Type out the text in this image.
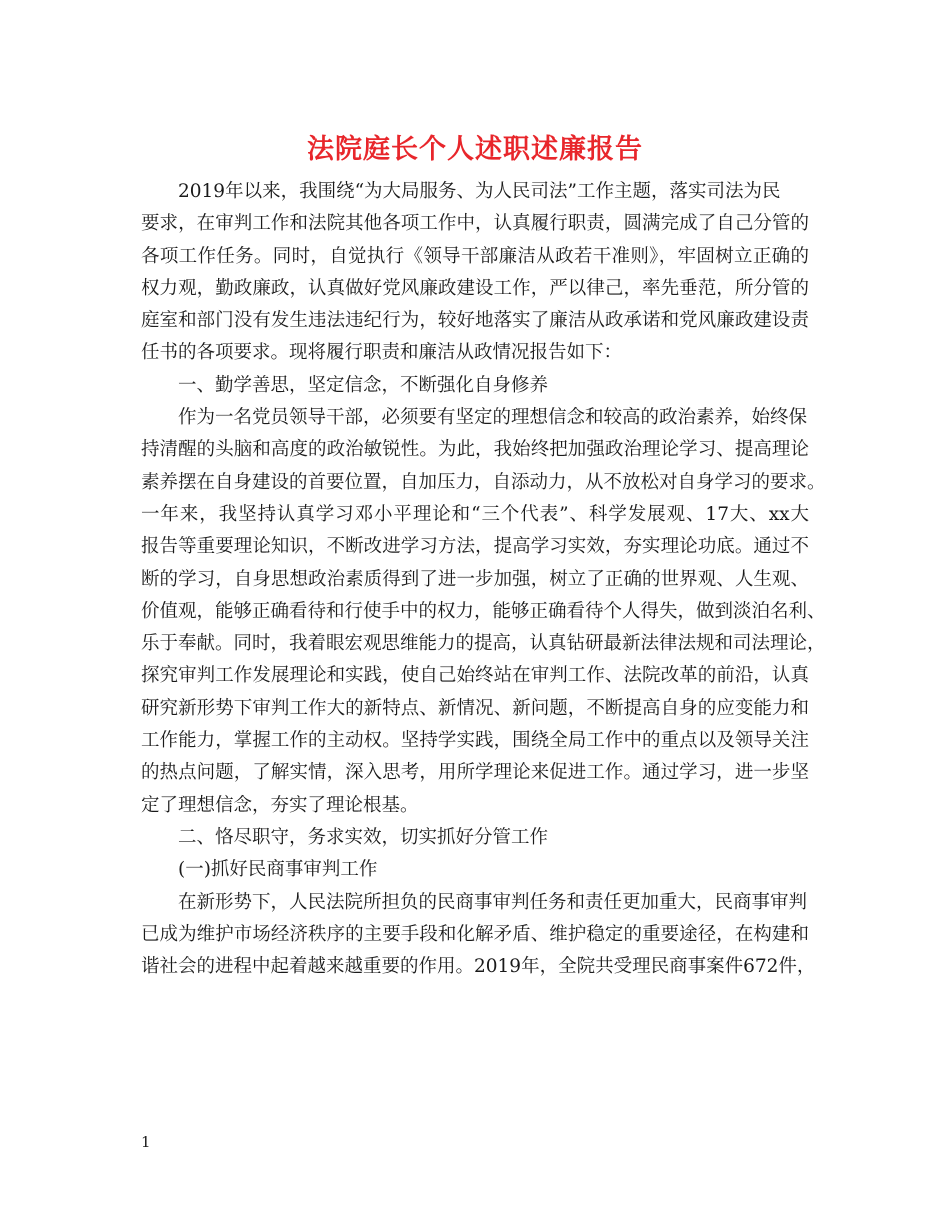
法院庭长个人述职述廉报告
2019年以来，我围绕“为大局服务、为人民司法”工作主题，落实司法为民
要求，在审判工作和法院其他各项工作中，认真履行职责，圆满完成了自己分管的
各项工作任务。同时，自觉执行《领导干部廉洁从政若干准则》，牢固树立正确的
权力观，勤政廉政，认真做好党风廉政建设工作，严以律己，率先垂范，所分管的
庭室和部门没有发生违法违纪行为，较好地落实了廉洁从政承诺和党风廉政建设责
任书的各项要求。现将履行职责和廉洁从政情况报告如下：
一、勤学善思，坚定信念，不断强化自身修养
作为一名党员领导干部，必须要有坚定的理想信念和较高的政治素养，始终保
持清醒的头脑和高度的政治敏锐性。为此，我始终把加强政治理论学习、提高理论
素养摆在自身建设的首要位置，自加压力，自添动力，从不放松对自身学习的要求。
一年来，我坚持认真学习邓小平理论和“三个代表”、科学发展观、17大、xx大
报告等重要理论知识，不断改进学习方法，提高学习实效，夯实理论功底。通过不
断的学习，自身思想政治素质得到了进一步加强，树立了正确的世界观、人生观、
价值观，能够正确看待和行使手中的权力，能够正确看待个人得失，做到淡泊名利、
乐于奉献。同时，我着眼宏观思维能力的提高，认真钻研最新法律法规和司法理论，
探究审判工作发展理论和实践，使自己始终站在审判工作、法院改革的前沿，认真
研究新形势下审判工作大的新特点、新情况、新问题，不断提高自身的应变能力和
工作能力，掌握工作的主动权。坚持学实践，围绕全局工作中的重点以及领导关注
的热点问题，了解实情，深入思考，用所学理论来促进工作。通过学习，进一步坚
定了理想信念，夯实了理论根基。
二、恪尽职守，务求实效，切实抓好分管工作
(一)抓好民商事审判工作
在新形势下，人民法院所担负的民商事审判任务和责任更加重大，民商事审判
已成为维护市场经济秩序的主要手段和化解矛盾、维护稳定的重要途径，在构建和
谐社会的进程中起着越来越重要的作用。2019年，全院共受理民商事案件672件，
1
